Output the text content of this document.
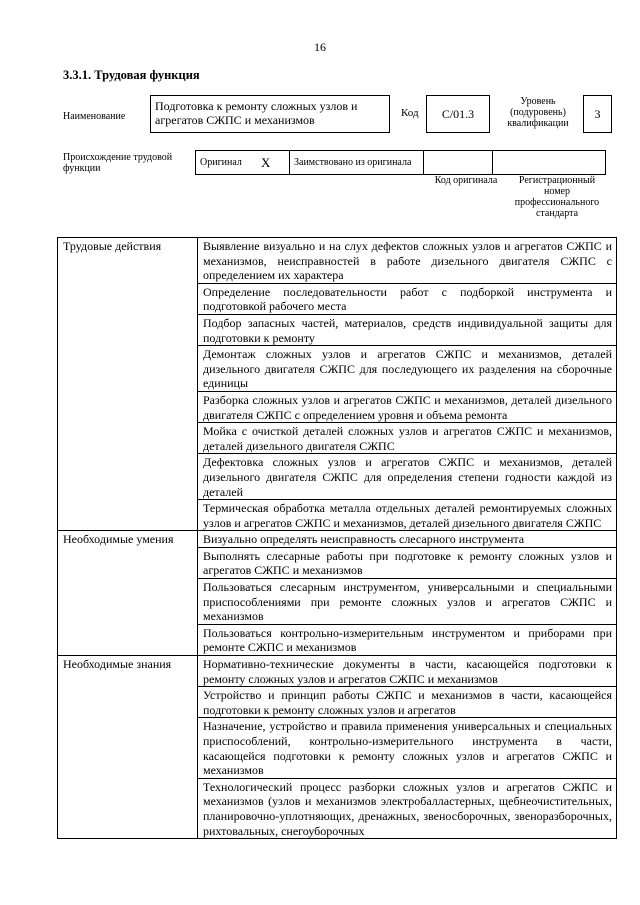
16
3.3.1. Трудовая функция
Наименование
Подготовка к ремонту сложных узлов и агрегатов СЖПС и механизмов	Код	C/01.3
Уровень (подуровень) квалификации
3
Происхождение трудовой функции
Оригинал	X	Заимствовано из оригинала		
Код оригинала	Регистрационный номер профессионального стандарта
Трудовые действия	Выявление визуально и на слух дефектов сложных узлов и агрегатов СЖПС и механизмов, неисправностей в работе дизельного двигателя СЖПС с определением их характера
	Определение последовательности работ с подборкой инструмента и подготовкой рабочего места
	Подбор запасных частей, материалов, средств индивидуальной защиты для подготовки к ремонту
	Демонтаж сложных узлов и агрегатов СЖПС и механизмов, деталей дизельного двигателя СЖПС для последующего их разделения на сборочные единицы
	Разборка сложных узлов и агрегатов СЖПС и механизмов, деталей дизельного двигателя СЖПС с определением уровня и объема ремонта
	Мойка с очисткой деталей сложных узлов и агрегатов СЖПС и механизмов, деталей дизельного двигателя СЖПС
	Дефектовка сложных узлов и агрегатов СЖПС и механизмов, деталей дизельного двигателя СЖПС для определения степени годности каждой из деталей
	Термическая обработка металла отдельных деталей ремонтируемых сложных узлов и агрегатов СЖПС и механизмов, деталей дизельного двигателя СЖПС
Необходимые умения	Визуально определять неисправность слесарного инструмента
	Выполнять слесарные работы при подготовке к ремонту сложных узлов и агрегатов СЖПС и механизмов
	Пользоваться слесарным инструментом, универсальными и специальными приспособлениями при ремонте сложных узлов и агрегатов СЖПС и механизмов
	Пользоваться контрольно-измерительным инструментом и приборами при ремонте СЖПС и механизмов
Необходимые знания	Нормативно-технические документы в части, касающейся подготовки к ремонту сложных узлов и агрегатов СЖПС и механизмов
	Устройство и принцип работы СЖПС и механизмов в части, касающейся подготовки к ремонту сложных узлов и агрегатов
	Назначение, устройство и правила применения универсальных и специальных приспособлений, контрольно-измерительного инструмента в части, касающейся подготовки к ремонту сложных узлов и агрегатов СЖПС и механизмов
	Технологический процесс разборки сложных узлов и агрегатов СЖПС и механизмов (узлов и механизмов электробалластерных, щебнеочистительных, планировочно-уплотняющих, дренажных, звеносборочных, звеноразборочных, рихтовальных, снегоуборочных
